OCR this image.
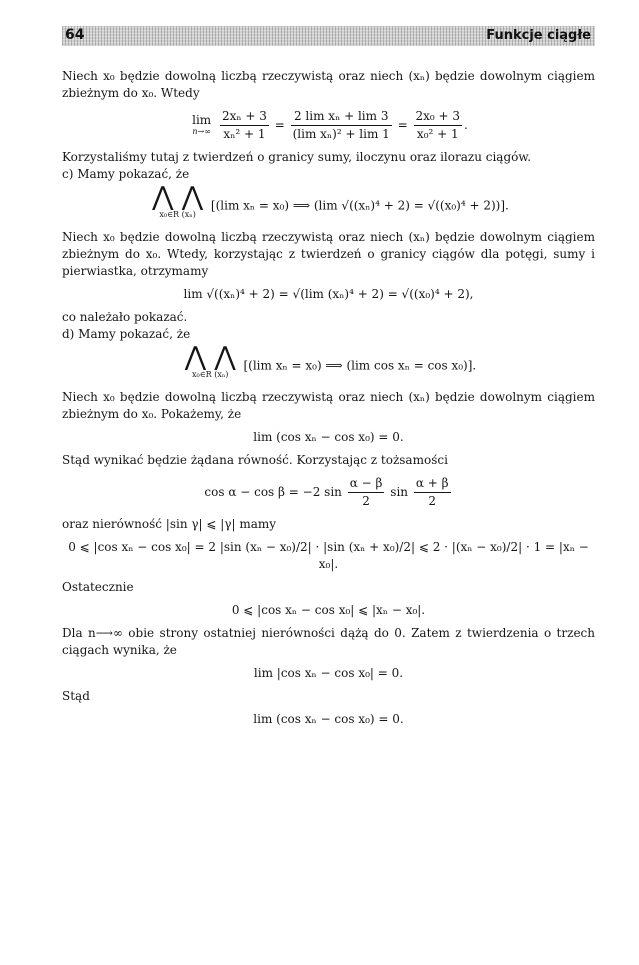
64	Funkcje ciągłe

Niech x₀ będzie dowolną liczbą rzeczywistą oraz niech (xₙ) będzie dowolnym ciągiem zbieżnym do x₀. Wtedy

lim
n→∞
$\frac{\text{2xₙ + 3}}{\text{xₙ² + 1}} = \frac{\text{2 lim xₙ + lim 3}}{\text{(lim xₙ)² + lim 1}} = \frac{\text{2x₀ + 3}}{\text{x₀² + 1}}$ .

Korzystaliśmy tutaj z twierdzeń o granicy sumy, iloczynu oraz ilorazu ciągów.

c) Mamy pokazać, że

⋀ ⋀
x₀∈R (xₙ)
[(lim xₙ = x₀) ⟹ (lim √((xₙ)⁴ + 2) = √((x₀)⁴ + 2))].

Niech x₀ będzie dowolną liczbą rzeczywistą oraz niech (xₙ) będzie dowolnym ciągiem zbieżnym do x₀. Wtedy, korzystając z twierdzeń o granicy ciągów dla potęgi, sumy i pierwiastka, otrzymamy

lim √((xₙ)⁴ + 2) = √(lim (xₙ)⁴ + 2) = √((x₀)⁴ + 2),

co należało pokazać.

d) Mamy pokazać, że

⋀ ⋀
x₀∈R (xₙ)
[(lim xₙ = x₀) ⟹ (lim cos xₙ = cos x₀)].

Niech x₀ będzie dowolną liczbą rzeczywistą oraz niech (xₙ) będzie dowolnym ciągiem zbieżnym do x₀. Pokażemy, że

lim (cos xₙ − cos x₀) = 0.

Stąd wynikać będzie żądana równość. Korzystając z tożsamości

cos α − cos β = −2 $\sin \frac{\alpha - \beta}{2}$ $\sin \frac{\alpha + \beta}{2}$

oraz nierówność |sin γ| ⩽ |γ| mamy

0 ⩽ |cos xₙ − cos x₀| = 2 |sin (xₙ − x₀)/2| · |sin (xₙ + x₀)/2| ⩽ 2 · |(xₙ − x₀)/2| · 1 = |xₙ − x₀|.

Ostatecznie

0 ⩽ |cos xₙ − cos x₀| ⩽ |xₙ − x₀|.

Dla n⟶∞ obie strony ostatniej nierówności dążą do 0. Zatem z twierdzenia o trzech ciągach wynika, że

lim |cos xₙ − cos x₀| = 0.

Stąd

lim (cos xₙ − cos x₀) = 0.
